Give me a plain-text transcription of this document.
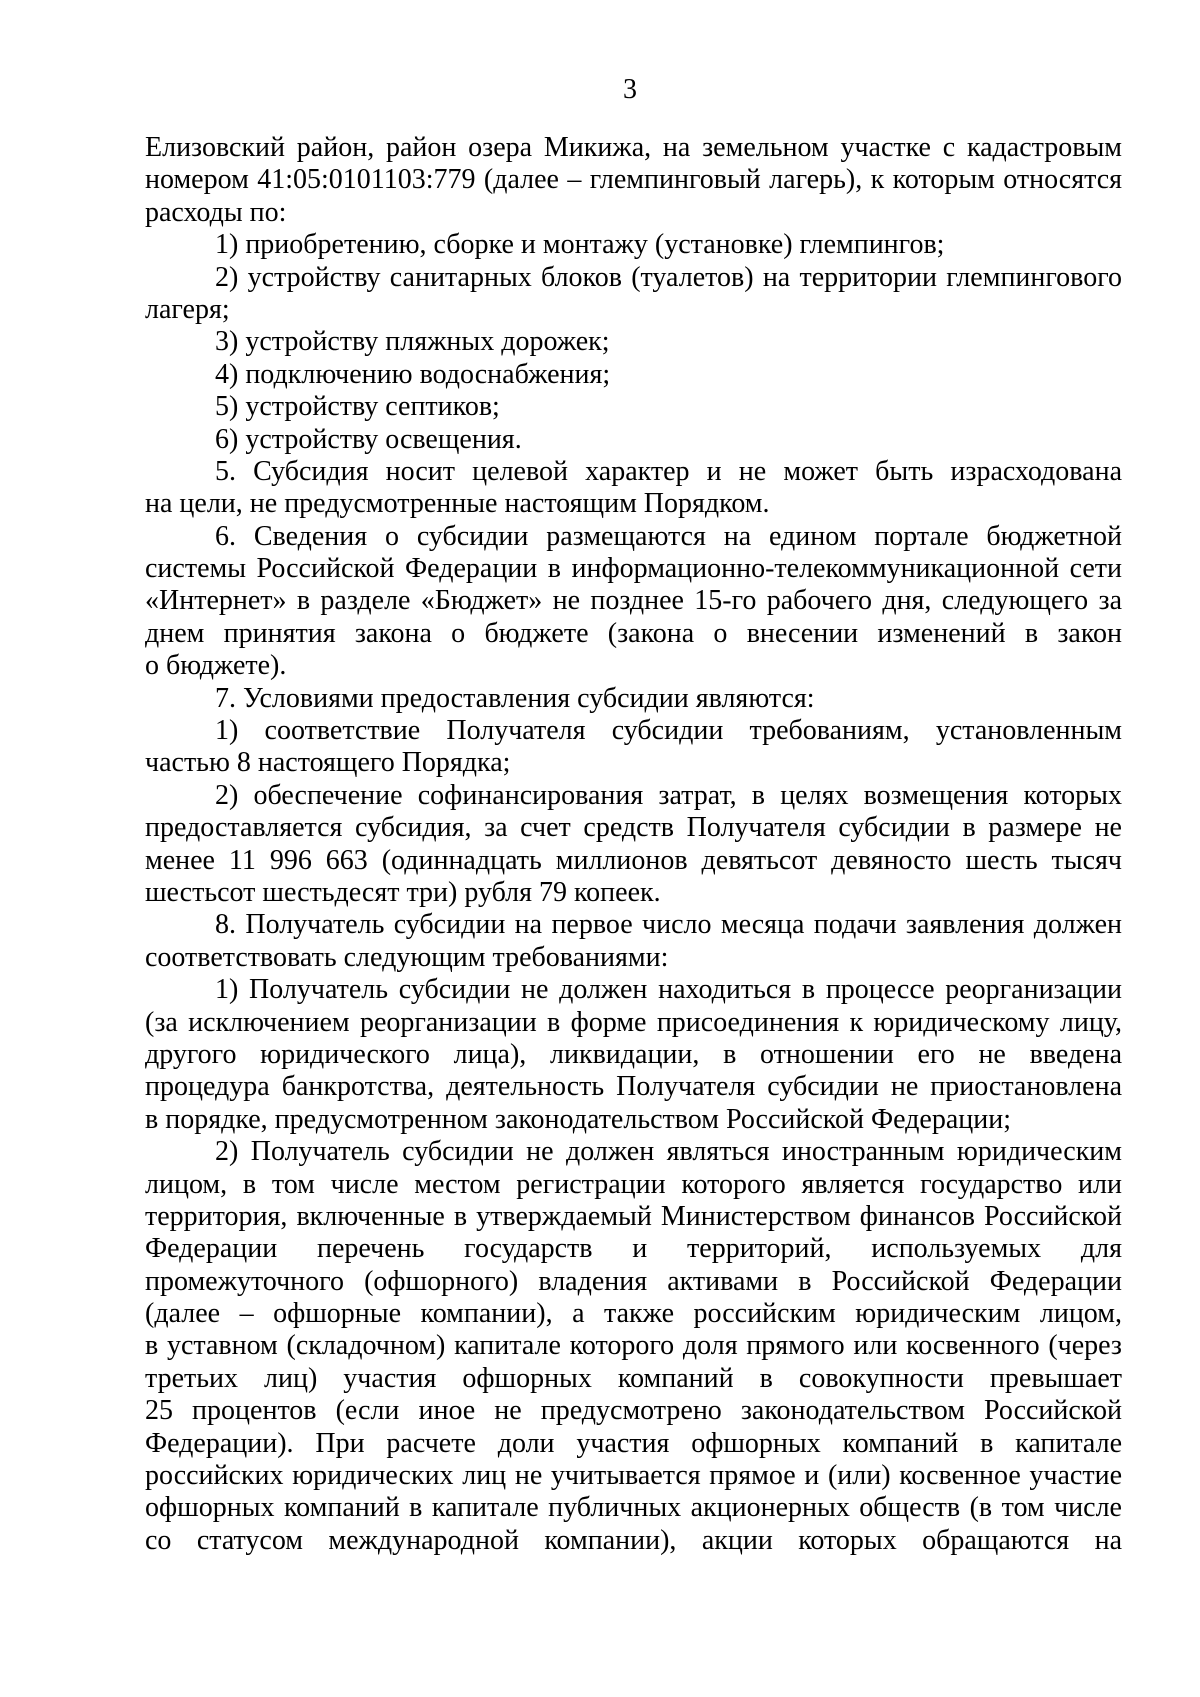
3
Елизовский район, район озера Микижа, на земельном участке с кадастровым
номером 41:05:0101103:779 (далее – глемпинговый лагерь), к которым относятся
расходы по:
1) приобретению, сборке и монтажу (установке) глемпингов;
2) устройству санитарных блоков (туалетов) на территории глемпингового
лагеря;
3) устройству пляжных дорожек;
4) подключению водоснабжения;
5) устройству септиков;
6) устройству освещения.
5. Субсидия носит целевой характер и не может быть израсходована
на цели, не предусмотренные настоящим Порядком.
6. Сведения о субсидии размещаются на едином портале бюджетной
системы Российской Федерации в информационно-телекоммуникационной сети
«Интернет» в разделе «Бюджет» не позднее 15-го рабочего дня, следующего за
днем принятия закона о бюджете (закона о внесении изменений в закон
о бюджете).
7. Условиями предоставления субсидии являются:
1) соответствие Получателя субсидии требованиям, установленным
частью 8 настоящего Порядка;
2) обеспечение софинансирования затрат, в целях возмещения которых
предоставляется субсидия, за счет средств Получателя субсидии в размере не
менее 11 996 663 (одиннадцать миллионов девятьсот девяносто шесть тысяч
шестьсот шестьдесят три) рубля 79 копеек.
8. Получатель субсидии на первое число месяца подачи заявления должен
соответствовать следующим требованиями:
1) Получатель субсидии не должен находиться в процессе реорганизации
(за исключением реорганизации в форме присоединения к юридическому лицу,
другого юридического лица), ликвидации, в отношении его не введена
процедура банкротства, деятельность Получателя субсидии не приостановлена
в порядке, предусмотренном законодательством Российской Федерации;
2) Получатель субсидии не должен являться иностранным юридическим
лицом, в том числе местом регистрации которого является государство или
территория, включенные в утверждаемый Министерством финансов Российской
Федерации перечень государств и территорий, используемых для
промежуточного (офшорного) владения активами в Российской Федерации
(далее – офшорные компании), а также российским юридическим лицом,
в уставном (складочном) капитале которого доля прямого или косвенного (через
третьих лиц) участия офшорных компаний в совокупности превышает
25 процентов (если иное не предусмотрено законодательством Российской
Федерации). При расчете доли участия офшорных компаний в капитале
российских юридических лиц не учитывается прямое и (или) косвенное участие
офшорных компаний в капитале публичных акционерных обществ (в том числе
со статусом международной компании), акции которых обращаются на
